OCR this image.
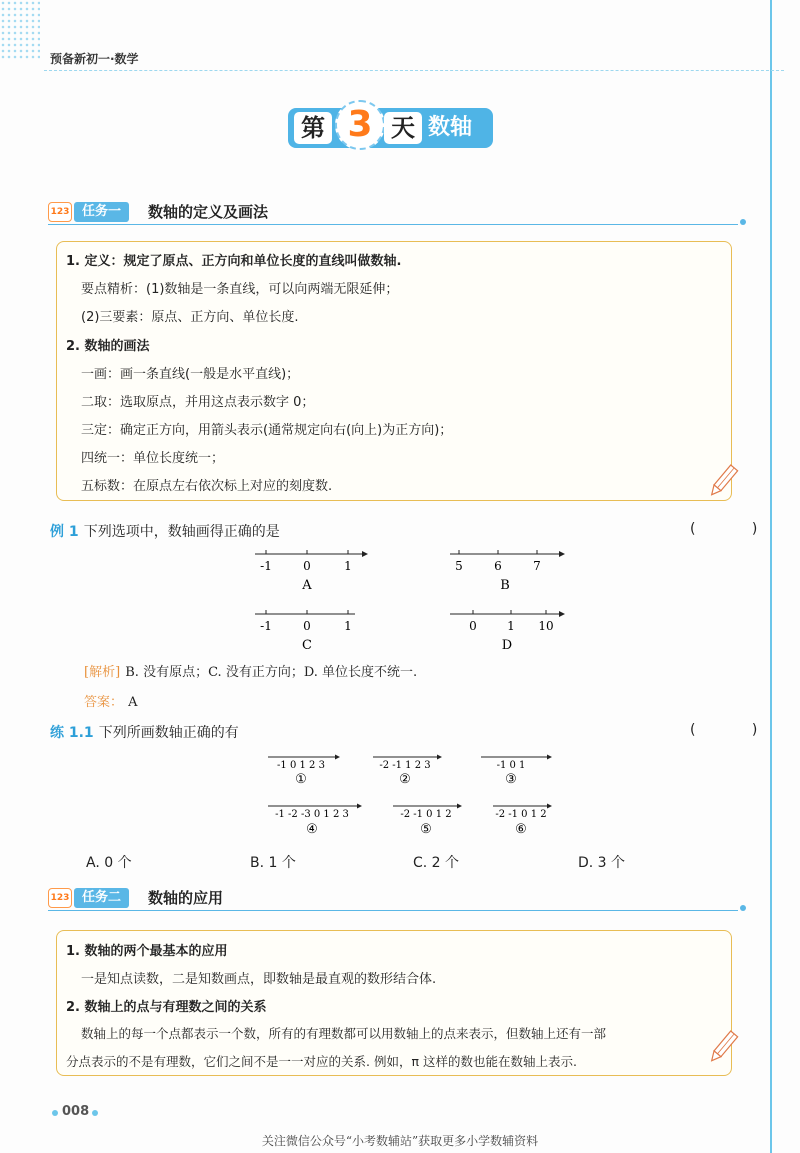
预备新初一·数学
第 3 天 数轴
123 任务一	数轴的定义及画法
1. 定义：规定了原点、正方向和单位长度的直线叫做数轴.
要点精析：(1)数轴是一条直线，可以向两端无限延伸；
(2)三要素：原点、正方向、单位长度.
2. 数轴的画法
一画：画一条直线(一般是水平直线)；
二取：选取原点，并用这点表示数字 0；
三定：确定正方向，用箭头表示(通常规定向右(向上)为正方向)；
四统一：单位长度统一；
五标数：在原点左右依次标上对应的刻度数.
例 1 下列选项中，数轴画得正确的是	( )
-1	0	1
A
5	6	7
B
-1	0	1
C
0	1 10
D
[解析] B. 没有原点；C. 没有正方向；D. 单位长度不统一.
答案： A
练 1.1 下列所画数轴正确的有	( )
-1 0 1 2 3
①
-2 -1 1 2 3
②
-1 0 1
③
-1 -2 -3 0 1 2 3
④
-2 -1 0 1 2
⑤
-2 -1 0 1 2
⑥
A. 0 个	B. 1 个	C. 2 个	D. 3 个
123 任务二	数轴的应用
1. 数轴的两个最基本的应用
一是知点读数，二是知数画点，即数轴是最直观的数形结合体.
2. 数轴上的点与有理数之间的关系
数轴上的每一个点都表示一个数，所有的有理数都可以用数轴上的点来表示，但数轴上还有一部
分点表示的不是有理数，它们之间不是一一对应的关系. 例如，π 这样的数也能在数轴上表示.
008
关注微信公众号“小考数辅站”获取更多小学数辅资料
